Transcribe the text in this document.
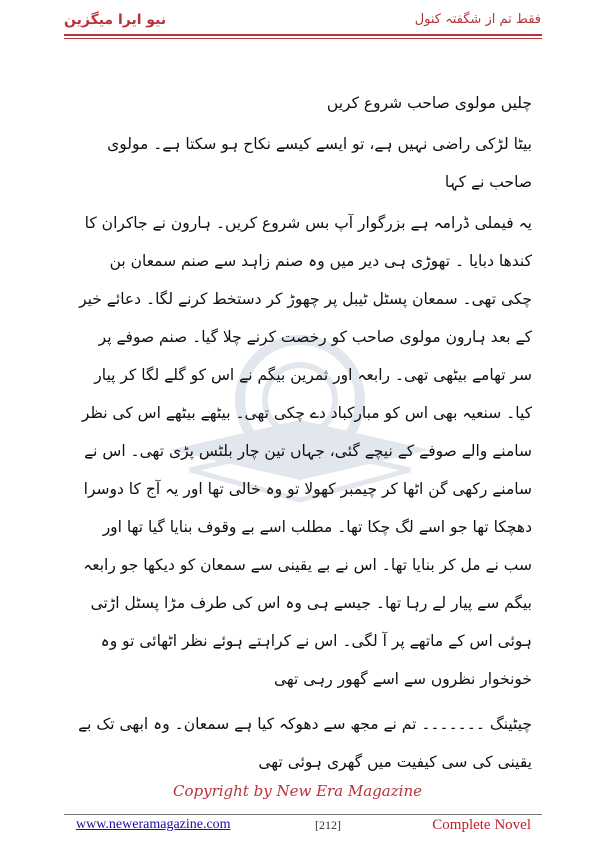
فقط تم از شگفتہ کنول
نیو ایرا میگزین

چلیں مولوی صاحب شروع کریں

بیٹا لڑکی راضی نہیں ہے، تو ایسے کیسے نکاح ہو سکتا ہے۔ مولوی صاحب نے کہا

یہ فیملی ڈرامہ ہے بزرگوار آپ بس شروع کریں۔ ہارون نے جاکران کا کندھا دبایا ۔ تھوڑی ہی دیر میں وہ صنم زاہد سے صنم سمعان بن چکی تھی۔ سمعان پسٹل ٹیبل پر چھوڑ کر دستخط کرنے لگا۔ دعائے خیر کے بعد ہارون مولوی صاحب کو رخصت کرنے چلا گیا۔ صنم صوفے پر سر تھامے بیٹھی تھی۔ رابعہ اور ثمرین بیگم نے اس کو گلے لگا کر پیار کیا۔ سنعیہ بھی اس کو مبارکباد دے چکی تھی۔ بیٹھے بیٹھے اس کی نظر سامنے والے صوفے کے نیچے گئی، جہاں تین چار بلٹس پڑی تھی۔ اس نے سامنے رکھی گن اٹھا کر چیمبر کھولا تو وہ خالی تھا اور یہ آج کا دوسرا دھچکا تھا جو اسے لگ چکا تھا۔ مطلب اسے بے وقوف بنایا گیا تھا اور سب نے مل کر بنایا تھا۔ اس نے بے یقینی سے سمعان کو دیکھا جو رابعہ بیگم سے پیار لے رہا تھا۔ جیسے ہی وہ اس کی طرف مڑا پسٹل اڑتی ہوئی اس کے ماتھے پر آ لگی۔ اس نے کراہتے ہوئے نظر اٹھائی تو وہ خونخوار نظروں سے اسے گھور رہی تھی

چیٹینگ ۔۔۔۔۔۔۔ تم نے مجھ سے دھوکہ کیا ہے سمعان۔ وہ ابھی تک بے یقینی کی سی کیفیت میں گھری ہوئی تھی

Copyright by New Era Magazine
www.neweramagazine.com	[212]	Complete Novel
